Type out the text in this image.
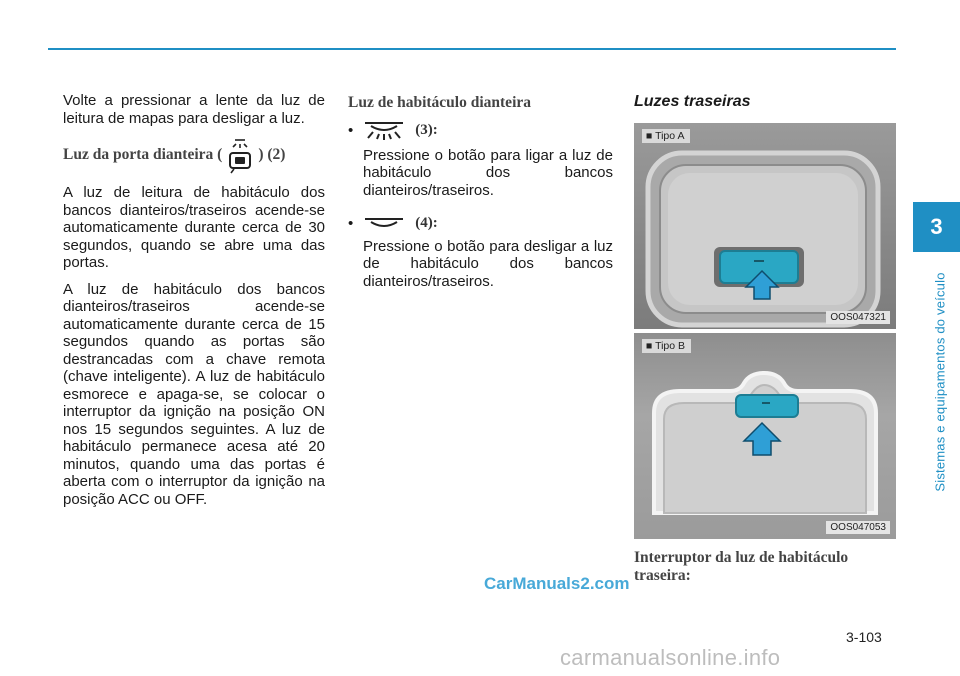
Volte a pressionar a lente da luz de leitura de mapas para desligar a luz.

Luz da porta dianteira ( ) (2)

A luz de leitura de habitáculo dos bancos dianteiros/traseiros acende-se automaticamente durante cerca de 30 segundos, quando se abre uma das portas.

A luz de habitáculo dos bancos dianteiros/traseiros acende-se automaticamente durante cerca de 15 segundos quando as portas são destrancadas com a chave remota (chave inteligente). A luz de habitáculo esmorece e apaga-se, se colocar o interruptor da ignição na posição ON nos 15 segundos seguintes. A luz de habitáculo permanece acesa até 20 minutos, quando uma das portas é aberta com o interruptor da ignição na posição ACC ou OFF.

Luz de habitáculo dianteira
•	(3):

Pressione o botão para ligar a luz de habitáculo dos bancos dianteiros/traseiros.

•	(4):

Pressione o botão para desligar a luz de habitáculo dos bancos dianteiros/traseiros.

Luzes traseiras
■ Tipo A
OOS047321
■ Tipo B
OOS047053
Interruptor da luz de habitáculo traseira:
3
Sistemas e equipamentos do veículo
3-103
CarManuals2.com
carmanualsonline.info
